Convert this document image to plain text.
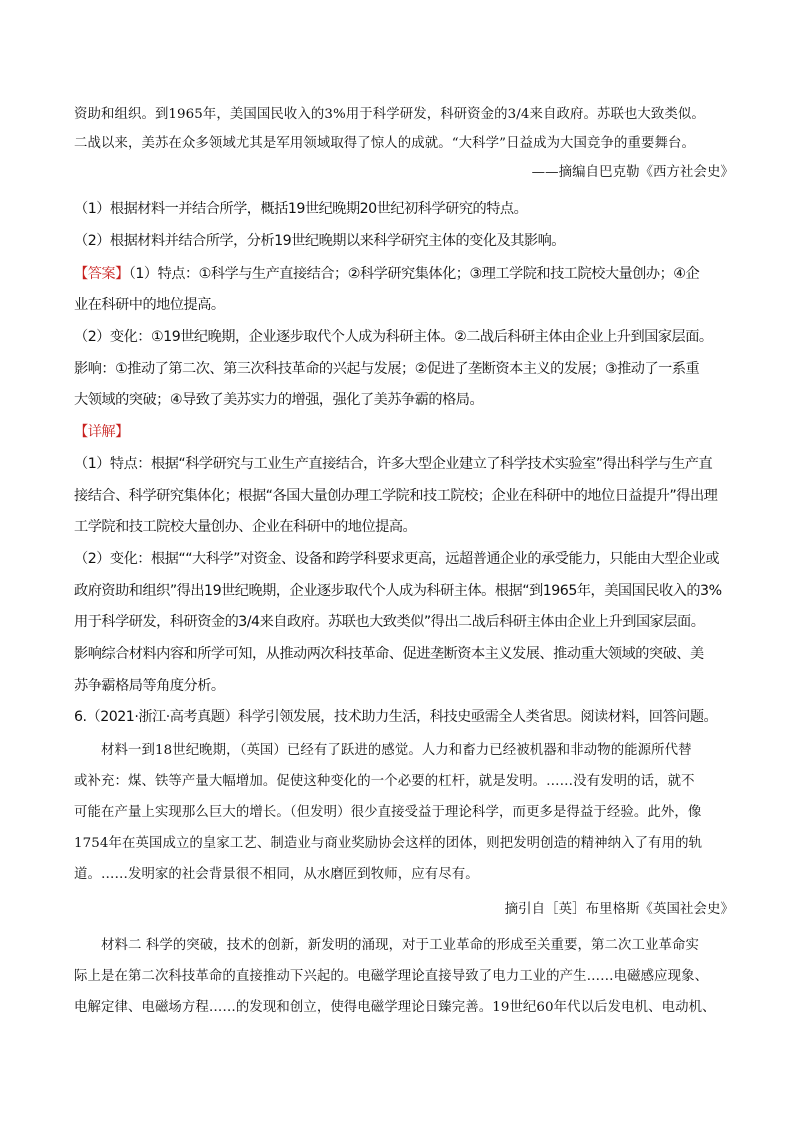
资助和组织。到1965年，美国国民收入的3%用于科学研发，科研资金的3/4来自政府。苏联也大致类似。
二战以来，美苏在众多领域尤其是军用领域取得了惊人的成就。“大科学”日益成为大国竞争的重要舞台。
——摘编自巴克勒《西方社会史》
（1）根据材料一并结合所学，概括19世纪晚期20世纪初科学研究的特点。
（2）根据材料并结合所学，分析19世纪晚期以来科学研究主体的变化及其影响。
【答案】（1）特点：①科学与生产直接结合；②科学研究集体化；③理工学院和技工院校大量创办；④企
业在科研中的地位提高。
（2）变化：①19世纪晚期，企业逐步取代个人成为科研主体。②二战后科研主体由企业上升到国家层面。
影响：①推动了第二次、第三次科技革命的兴起与发展；②促进了垄断资本主义的发展；③推动了一系重
大领域的突破；④导致了美苏实力的增强，强化了美苏争霸的格局。
【详解】
（1）特点：根据“科学研究与工业生产直接结合，许多大型企业建立了科学技术实验室”得出科学与生产直
接结合、科学研究集体化；根据“各国大量创办理工学院和技工院校；企业在科研中的地位日益提升”得出理
工学院和技工院校大量创办、企业在科研中的地位提高。
（2）变化：根据““大科学”对资金、设备和跨学科要求更高，远超普通企业的承受能力，只能由大型企业或
政府资助和组织”得出19世纪晚期，企业逐步取代个人成为科研主体。根据“到1965年，美国国民收入的3%
用于科学研发，科研资金的3/4来自政府。苏联也大致类似”得出二战后科研主体由企业上升到国家层面。
影响综合材料内容和所学可知，从推动两次科技革命、促进垄断资本主义发展、推动重大领域的突破、美
苏争霸格局等角度分析。
6.（2021·浙江·高考真题）科学引领发展，技术助力生活，科技史亟需全人类省思。阅读材料，回答问题。
材料一到18世纪晚期，（英国）已经有了跃进的感觉。人力和畜力已经被机器和非动物的能源所代替
或补充：煤、铁等产量大幅增加。促使这种变化的一个必要的杠杆，就是发明。……没有发明的话，就不
可能在产量上实现那么巨大的增长。（但发明）很少直接受益于理论科学，而更多是得益于经验。此外，像
1754年在英国成立的皇家工艺、制造业与商业奖励协会这样的团体，则把发明创造的精神纳入了有用的轨
道。……发明家的社会背景很不相同，从水磨匠到牧师，应有尽有。
摘引自［英］布里格斯《英国社会史》
材料二 科学的突破，技术的创新，新发明的涌现，对于工业革命的形成至关重要，第二次工业革命实
际上是在第二次科技革命的直接推动下兴起的。电磁学理论直接导致了电力工业的产生……电磁感应现象、
电解定律、电磁场方程……的发现和创立，使得电磁学理论日臻完善。19世纪60年代以后发电机、电动机、
